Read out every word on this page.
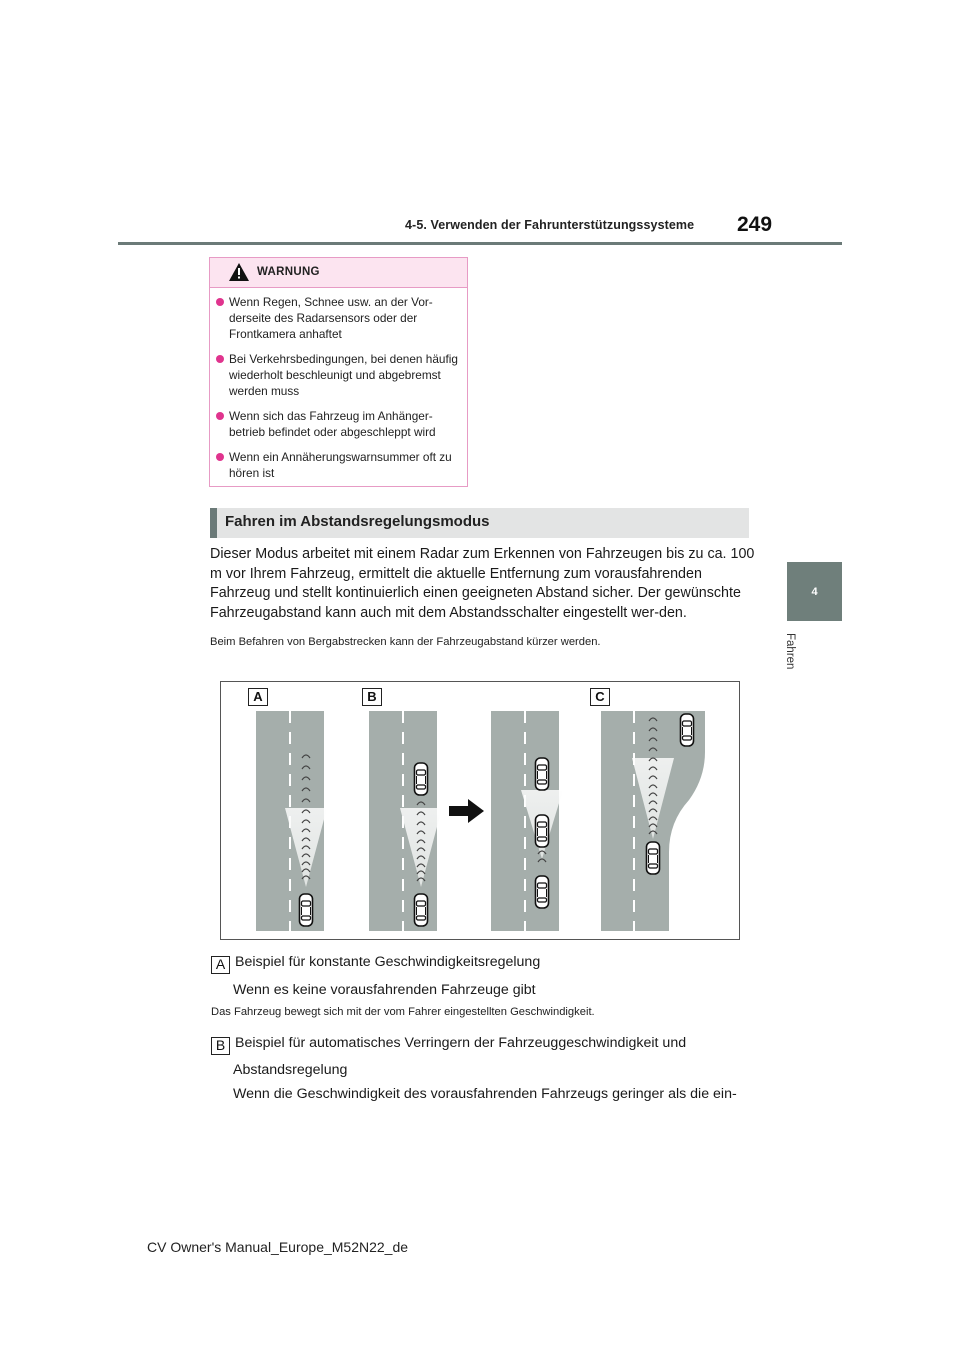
4-5. Verwenden der Fahrunterstützungssysteme 249
4
Fahren
WARNUNG
Wenn Regen, Schnee usw. an der Vor-derseite des Radarsensors oder der Frontkamera anhaftet
Bei Verkehrsbedingungen, bei denen häufig wiederholt beschleunigt und abgebremst werden muss
Wenn sich das Fahrzeug im Anhänger-betrieb befindet oder abgeschleppt wird
Wenn ein Annäherungswarnsummer oft zu hören ist
Fahren im Abstandsregelungsmodus
Dieser Modus arbeitet mit einem Radar zum Erkennen von Fahrzeugen bis zu ca. 100 m vor Ihrem Fahrzeug, ermittelt die aktuelle Entfernung zum vorausfahrenden Fahrzeug und stellt kontinuierlich einen geeigneten Abstand sicher. Der gewünschte Fahrzeugabstand kann auch mit dem Abstandsschalter eingestellt wer-den.
Beim Befahren von Bergabstrecken kann der Fahrzeugabstand kürzer werden.
A	B	C
A Beispiel für konstante Geschwindigkeitsregelung
Wenn es keine vorausfahrenden Fahrzeuge gibt
Das Fahrzeug bewegt sich mit der vom Fahrer eingestellten Geschwindigkeit.
B Beispiel für automatisches Verringern der Fahrzeuggeschwindigkeit und
Abstandsregelung
Wenn die Geschwindigkeit des vorausfahrenden Fahrzeugs geringer als die ein-
CV Owner's Manual_Europe_M52N22_de
